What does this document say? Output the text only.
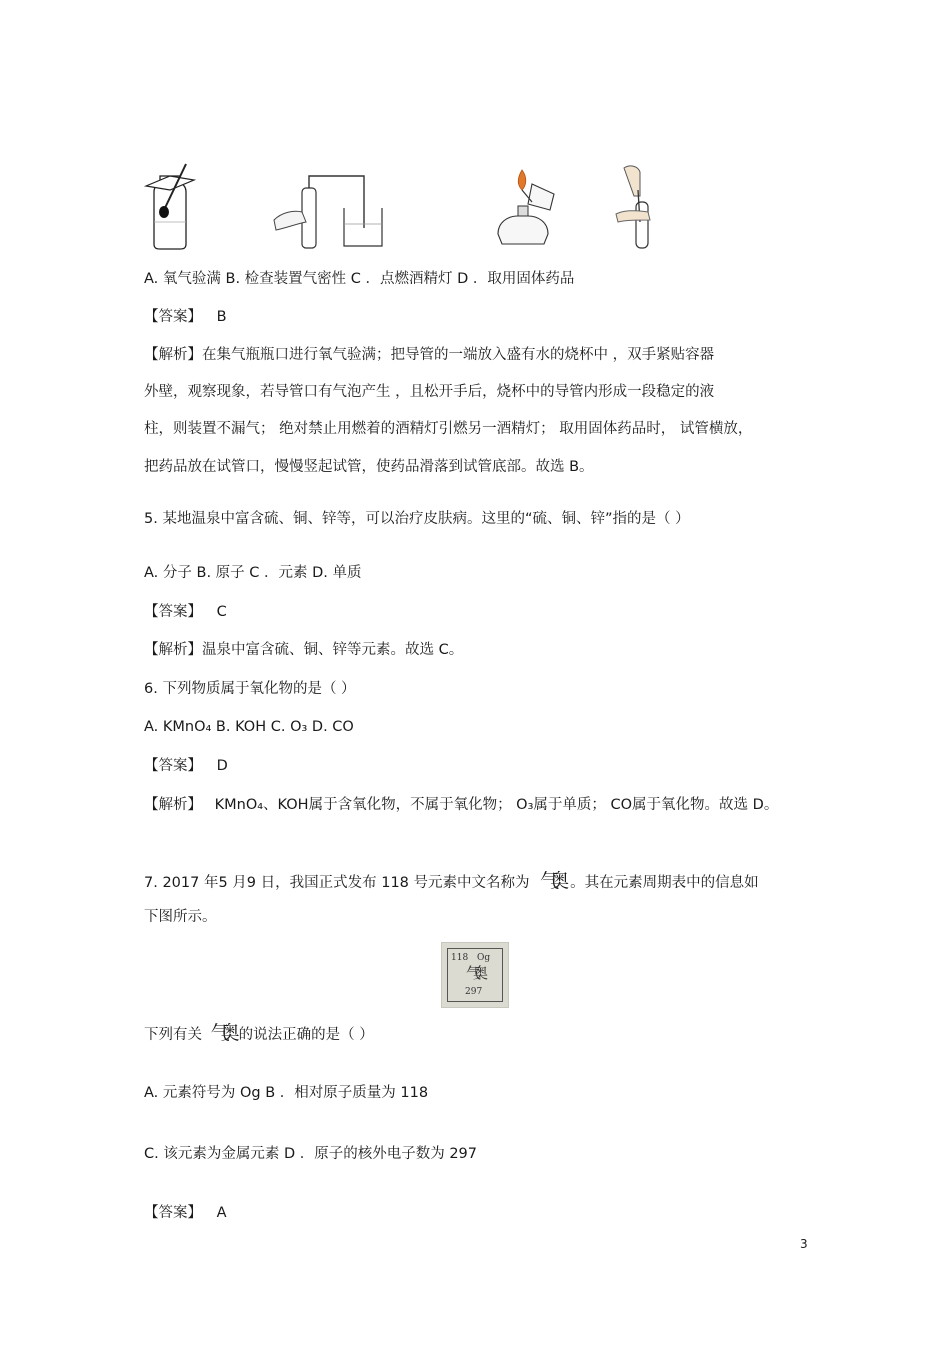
A. 氧气验满 B. 检查装置气密性 C ．点燃酒精灯 D ．取用固体药品
【答案】 B
【解析】在集气瓶瓶口进行氧气验满；把导管的一端放入盛有水的烧杯中 ，双手紧贴容器
外壁，观察现象，若导管口有气泡产生 ，且松开手后，烧杯中的导管内形成一段稳定的液
柱，则装置不漏气； 绝对禁止用燃着的酒精灯引燃另一酒精灯； 取用固体药品时， 试管横放，
把药品放在试管口，慢慢竖起试管，使药品滑落到试管底部。故选 B。
5. 某地温泉中富含硫、铜、锌等，可以治疗皮肤病。这里的“硫、铜、锌”指的是（ ）
A. 分子 B. 原子 C ．元素 D. 单质
【答案】 C
【解析】温泉中富含硫、铜、锌等元素。故选 C。
6. 下列物质属于氧化物的是（ ）
A. KMnO₄ B. KOH C. O₃ D. CO
【答案】 D
【解析】 KMnO₄、KOH属于含氧化物，不属于氧化物； O₃属于单质； CO属于氧化物。故选 D。
7. 2017 年5 月9 日，我国正式发布 118 号元素中文名称为 气奥 。其在元素周期表中的信息如
下图所示。
118 Og
气奥
297
下列有关 气奥 的说法正确的是（ ）
A. 元素符号为 Og B ．相对原子质量为 118
C. 该元素为金属元素 D ．原子的核外电子数为 297
【答案】 A
3
